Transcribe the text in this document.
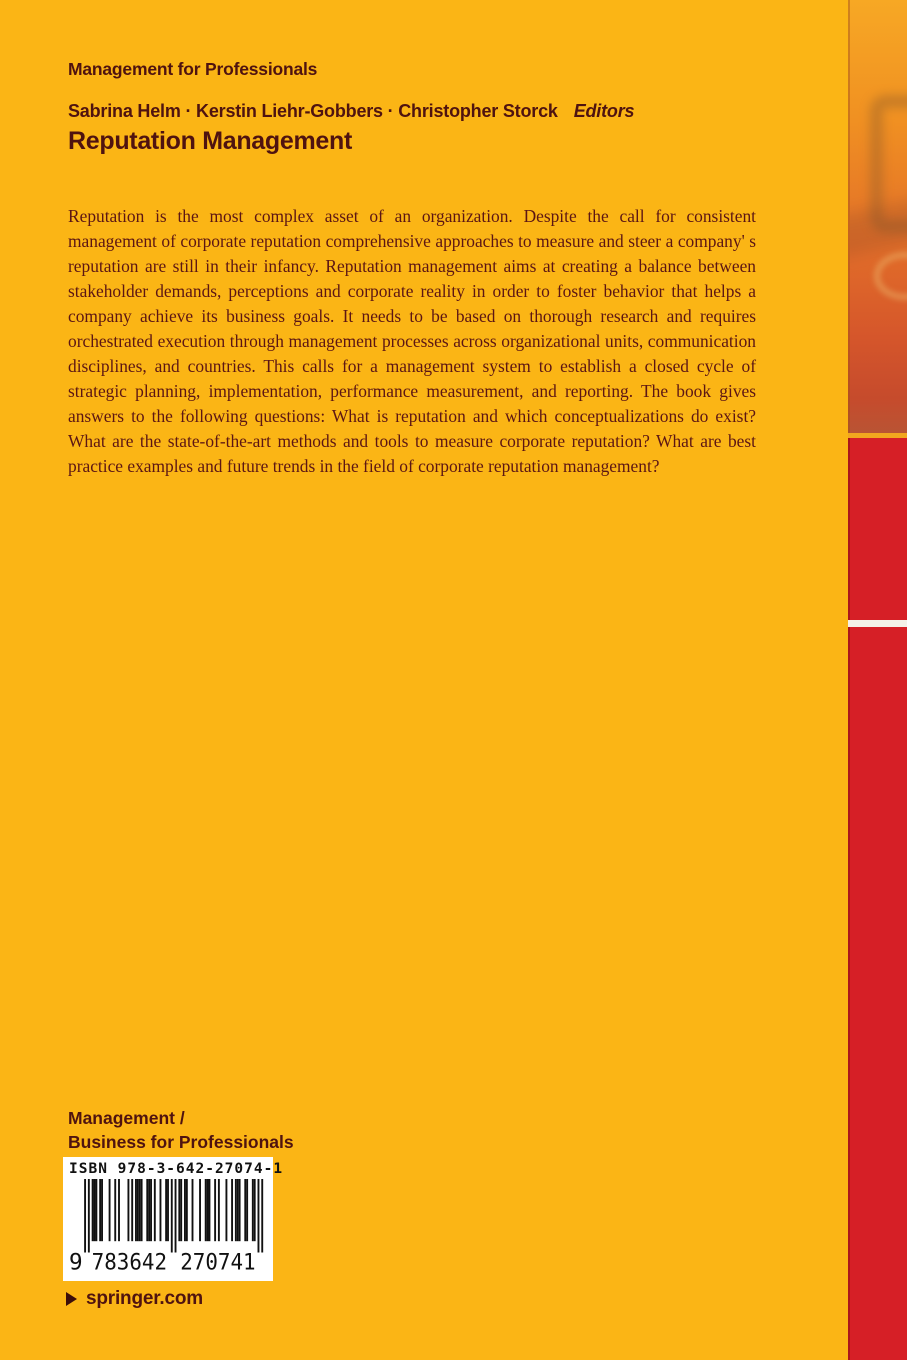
Management for Professionals
Sabrina Helm · Kerstin Liehr-Gobbers · Christopher Storck Editors
Reputation Management

Reputation is the most complex asset of an organization. Despite the call for consistent management of corporate reputation comprehensive approaches to measure and steer a company' s reputation are still in their infancy. Reputation management aims at creating a balance between stakeholder demands, perceptions and corporate reality in order to foster behavior that helps a company achieve its business goals. It needs to be based on thorough research and requires orchestrated execution through management processes across organizational units, communication disciplines, and countries. This calls for a management system to establish a closed cycle of strategic planning, implementation, performance measurement, and reporting. The book gives answers to the following questions: What is reputation and which conceptualizations do exist? What are the state-of-the-art methods and tools to measure corporate reputation? What are best practice examples and future trends in the field of corporate reputation management?

Management /
Business for Professionals
ISBN 978-3-642-27074-1
9 783642 270741
springer.com
